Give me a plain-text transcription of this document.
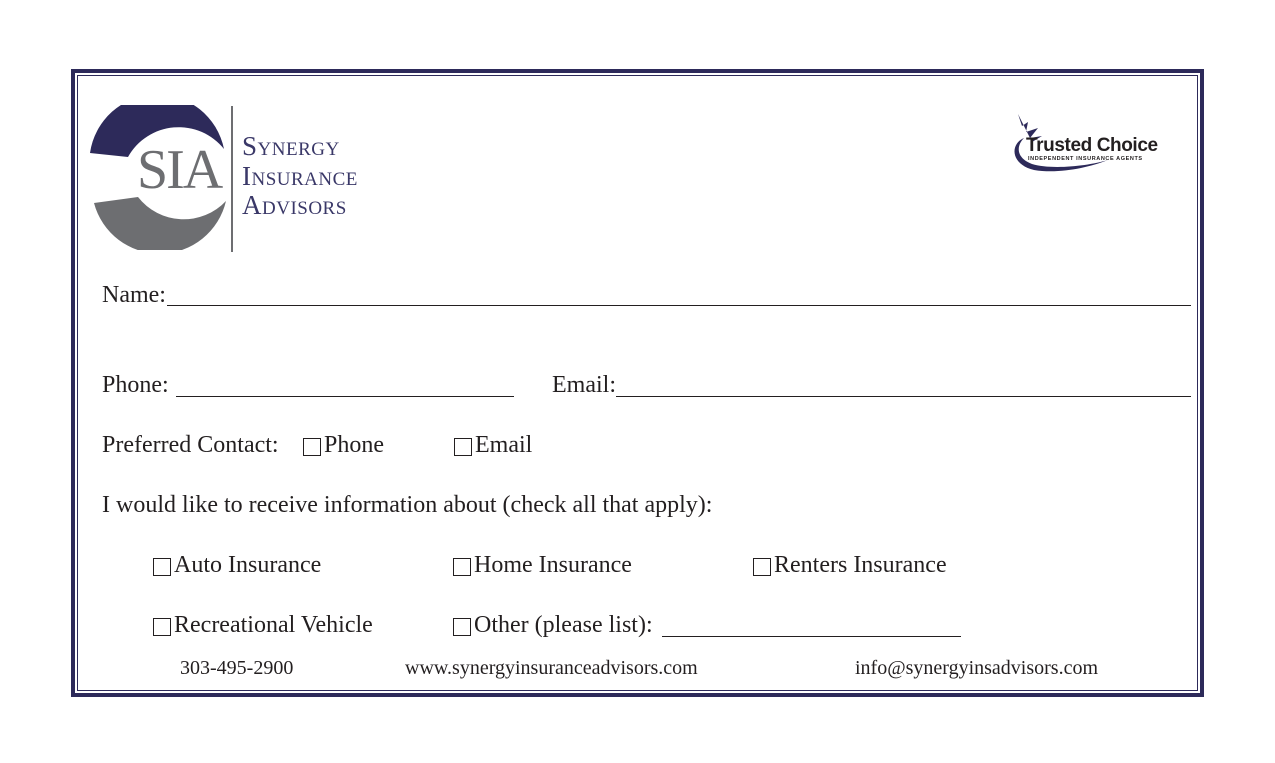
SIA Synergy
Insurance
Advisors
Trusted Choice
INDEPENDENT INSURANCE AGENTS
Name:
Phone:	Email:
Preferred Contact: Phone	Email
I would like to receive information about (check all that apply):
Auto Insurance	Home Insurance	Renters Insurance
Recreational Vehicle	Other (please list):
303-495-2900	www.synergyinsuranceadvisors.com	info@synergyinsadvisors.com
